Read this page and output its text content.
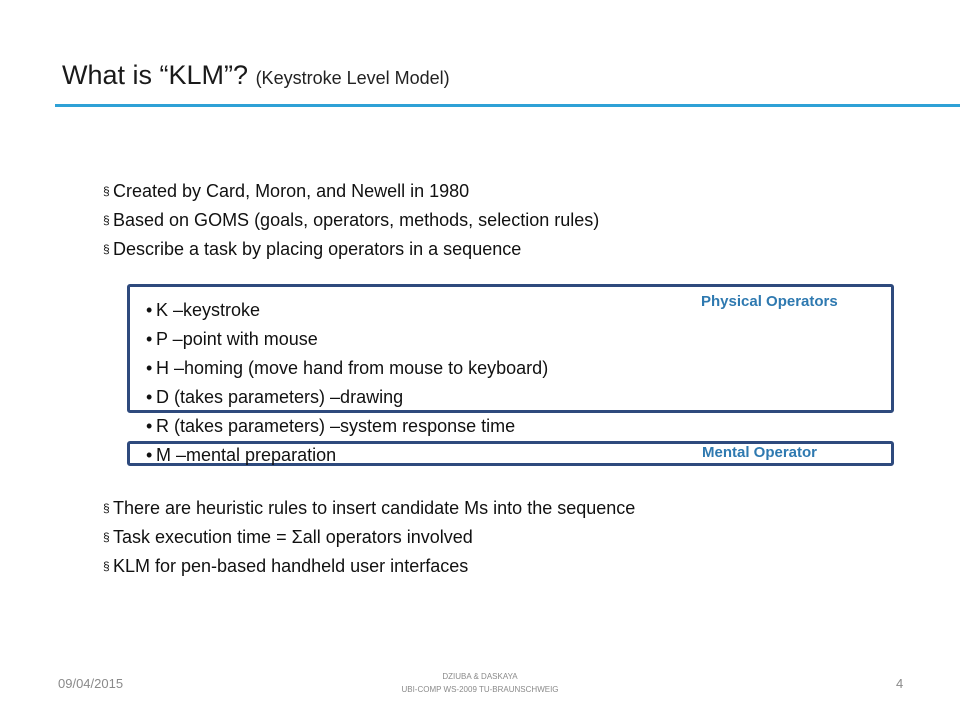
What is “KLM”? (Keystroke Level Model)
§ Created by Card, Moron, and Newell in 1980
§ Based on GOMS (goals, operators, methods, selection rules)
§ Describe a task by placing operators in a sequence
Physical Operators
Mental Operator
• K –keystroke
• P –point with mouse
• H –homing (move hand from mouse to keyboard)
• D (takes parameters) –drawing
• R (takes parameters) –system response time
• M –mental preparation
§ There are heuristic rules to insert candidate Ms into the sequence
§ Task execution time = Σall operators involved
§ KLM for pen-based handheld user interfaces
09/04/2015	DZIUBA & DASKAYA
UBI-COMP WS-2009 TU-BRAUNSCHWEIG	4
